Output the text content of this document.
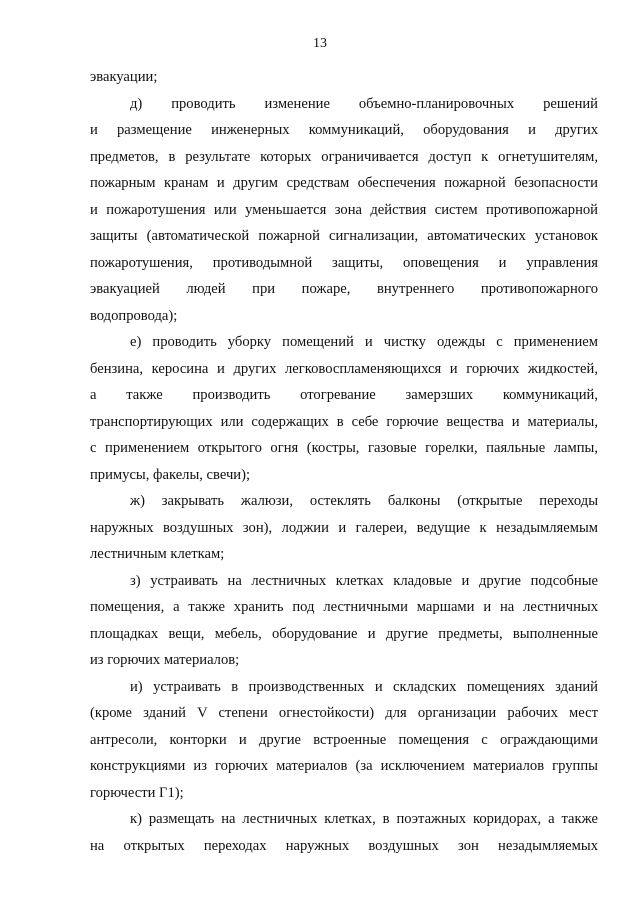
13
эвакуации;
д) проводить изменение объемно-планировочных решений
и размещение инженерных коммуникаций, оборудования и других
предметов, в результате которых ограничивается доступ к огнетушителям,
пожарным кранам и другим средствам обеспечения пожарной безопасности
и пожаротушения или уменьшается зона действия систем противопожарной
защиты (автоматической пожарной сигнализации, автоматических установок
пожаротушения, противодымной защиты, оповещения и управления
эвакуацией людей при пожаре, внутреннего противопожарного
водопровода);
е) проводить уборку помещений и чистку одежды с применением
бензина, керосина и других легковоспламеняющихся и горючих жидкостей,
а также производить отогревание замерзших коммуникаций,
транспортирующих или содержащих в себе горючие вещества и материалы,
с применением открытого огня (костры, газовые горелки, паяльные лампы,
примусы, факелы, свечи);
ж) закрывать жалюзи, остеклять балконы (открытые переходы
наружных воздушных зон), лоджии и галереи, ведущие к незадымляемым
лестничным клеткам;
з) устраивать на лестничных клетках кладовые и другие подсобные
помещения, а также хранить под лестничными маршами и на лестничных
площадках вещи, мебель, оборудование и другие предметы, выполненные
из горючих материалов;
и) устраивать в производственных и складских помещениях зданий
(кроме зданий V степени огнестойкости) для организации рабочих мест
антресоли, конторки и другие встроенные помещения с ограждающими
конструкциями из горючих материалов (за исключением материалов группы
горючести Г1);
к) размещать на лестничных клетках, в поэтажных коридорах, а также
на открытых переходах наружных воздушных зон незадымляемых
